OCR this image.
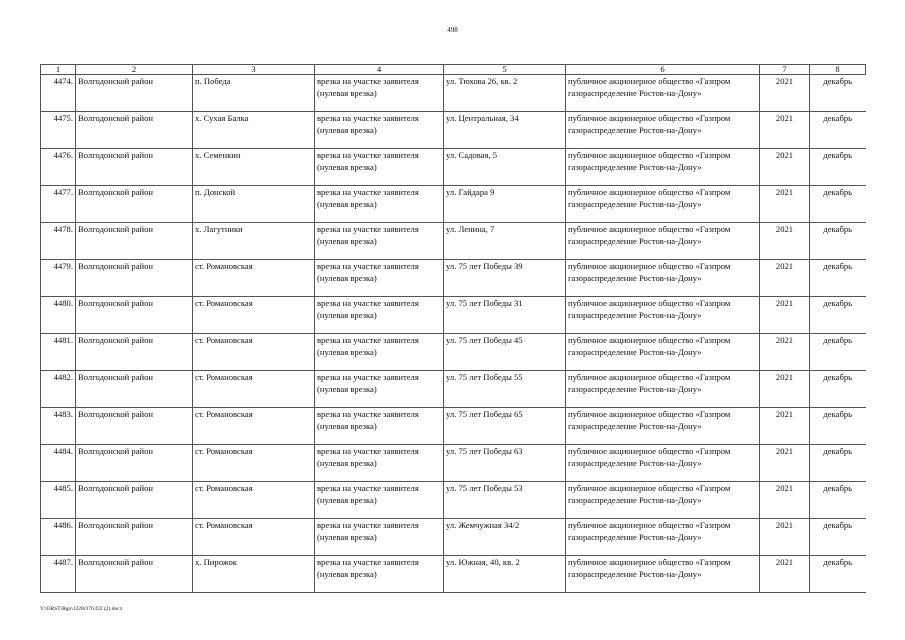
498
1	2	3	4	5	6	7	8
4474.	Волгодонской район	п. Победа	врезка на участке заявителя (нулевая врезка)	ул. Тюхова 26, кв. 2	публичное акционерное общество «Газпром газораспределение Ростов-на-Дону»	2021	декабрь
4475.	Волгодонской район	х. Сухая Балка	врезка на участке заявителя (нулевая врезка)	ул. Центральная, 34	публичное акционерное общество «Газпром газораспределение Ростов-на-Дону»	2021	декабрь
4476.	Волгодонской район	х. Семенкин	врезка на участке заявителя (нулевая врезка)	ул. Садовая, 5	публичное акционерное общество «Газпром газораспределение Ростов-на-Дону»	2021	декабрь
4477.	Волгодонской район	п. Донской	врезка на участке заявителя (нулевая врезка)	ул. Гайдара 9	публичное акционерное общество «Газпром газораспределение Ростов-на-Дону»	2021	декабрь
4478.	Волгодонской район	х. Лагутники	врезка на участке заявителя (нулевая врезка)	ул. Ленина, 7	публичное акционерное общество «Газпром газораспределение Ростов-на-Дону»	2021	декабрь
4479.	Волгодонской район	ст. Романовская	врезка на участке заявителя (нулевая врезка)	ул. 75 лет Победы 39	публичное акционерное общество «Газпром газораспределение Ростов-на-Дону»	2021	декабрь
4480.	Волгодонской район	ст. Романовская	врезка на участке заявителя (нулевая врезка)	ул. 75 лет Победы 31	публичное акционерное общество «Газпром газораспределение Ростов-на-Дону»	2021	декабрь
4481.	Волгодонской район	ст. Романовская	врезка на участке заявителя (нулевая врезка)	ул. 75 лет Победы 45	публичное акционерное общество «Газпром газораспределение Ростов-на-Дону»	2021	декабрь
4482.	Волгодонской район	ст. Романовская	врезка на участке заявителя (нулевая врезка)	ул. 75 лет Победы 55	публичное акционерное общество «Газпром газораспределение Ростов-на-Дону»	2021	декабрь
4483.	Волгодонской район	ст. Романовская	врезка на участке заявителя (нулевая врезка)	ул. 75 лет Победы 65	публичное акционерное общество «Газпром газораспределение Ростов-на-Дону»	2021	декабрь
4484.	Волгодонской район	ст. Романовская	врезка на участке заявителя (нулевая врезка)	ул. 75 лет Победы 63	публичное акционерное общество «Газпром газораспределение Ростов-на-Дону»	2021	декабрь
4485.	Волгодонской район	ст. Романовская	врезка на участке заявителя (нулевая врезка)	ул. 75 лет Победы 53	публичное акционерное общество «Газпром газораспределение Ростов-на-Дону»	2021	декабрь
4486.	Волгодонской район	ст. Романовская	врезка на участке заявителя (нулевая врезка)	ул. Жемчужная 34/2	публичное акционерное общество «Газпром газораспределение Ростов-на-Дону»	2021	декабрь
4487.	Волгодонской район	х. Пирожок	врезка на участке заявителя (нулевая врезка)	ул. Южная, 40, кв. 2	публичное акционерное общество «Газпром газораспределение Ростов-на-Дону»	2021	декабрь
Y:\ORST\Rgo\1228r376.f22 (2).docx
